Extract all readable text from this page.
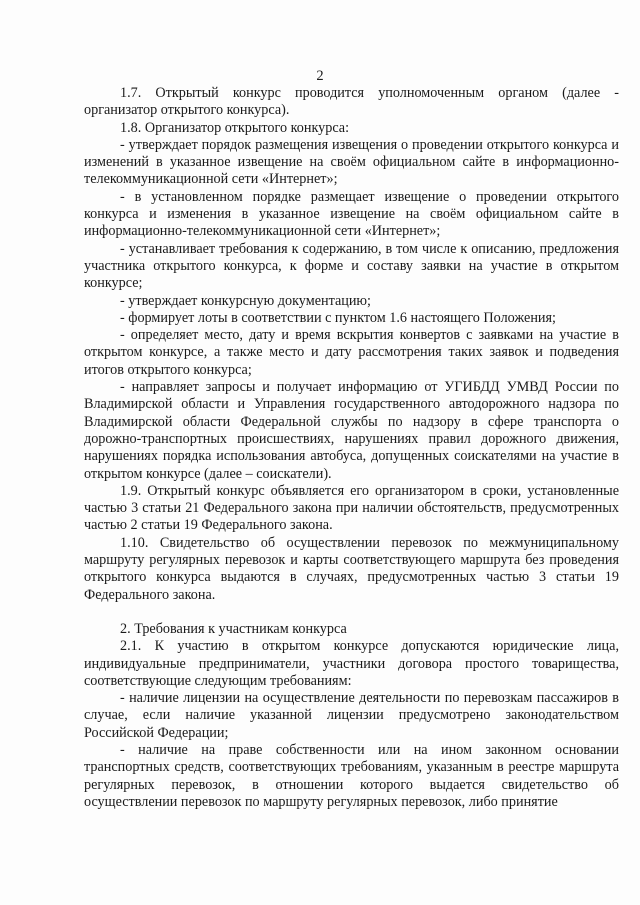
2

1.7. Открытый конкурс проводится уполномоченным органом (далее - организатор открытого конкурса).

1.8. Организатор открытого конкурса:

- утверждает порядок размещения извещения о проведении открытого конкурса и изменений в указанное извещение на своём официальном сайте в информационно-телекоммуникационной сети «Интернет»;

- в установленном порядке размещает извещение о проведении открытого конкурса и изменения в указанное извещение на своём официальном сайте в информационно-телекоммуникационной сети «Интернет»;

- устанавливает требования к содержанию, в том числе к описанию, предложения участника открытого конкурса, к форме и составу заявки на участие в открытом конкурсе;

- утверждает конкурсную документацию;

- формирует лоты в соответствии с пунктом 1.6 настоящего Положения;

- определяет место, дату и время вскрытия конвертов с заявками на участие в открытом конкурсе, а также место и дату рассмотрения таких заявок и подведения итогов открытого конкурса;

- направляет запросы и получает информацию от УГИБДД УМВД России по Владимирской области и Управления государственного автодорожного надзора по Владимирской области Федеральной службы по надзору в сфере транспорта о дорожно-транспортных происшествиях, нарушениях правил дорожного движения, нарушениях порядка использования автобуса, допущенных соискателями на участие в открытом конкурсе (далее – соискатели).

1.9. Открытый конкурс объявляется его организатором в сроки, установленные частью 3 статьи 21 Федерального закона при наличии обстоятельств, предусмотренных частью 2 статьи 19 Федерального закона.

1.10. Свидетельство об осуществлении перевозок по межмуниципальному маршруту регулярных перевозок и карты соответствующего маршрута без проведения открытого конкурса выдаются в случаях, предусмотренных частью 3 статьи 19 Федерального закона.

2. Требования к участникам конкурса

2.1. К участию в открытом конкурсе допускаются юридические лица, индивидуальные предприниматели, участники договора простого товарищества, соответствующие следующим требованиям:

- наличие лицензии на осуществление деятельности по перевозкам пассажиров в случае, если наличие указанной лицензии предусмотрено законодательством Российской Федерации;

- наличие на праве собственности или на ином законном основании транспортных средств, соответствующих требованиям, указанным в реестре маршрута регулярных перевозок, в отношении которого выдается свидетельство об осуществлении перевозок по маршруту регулярных перевозок, либо принятие
